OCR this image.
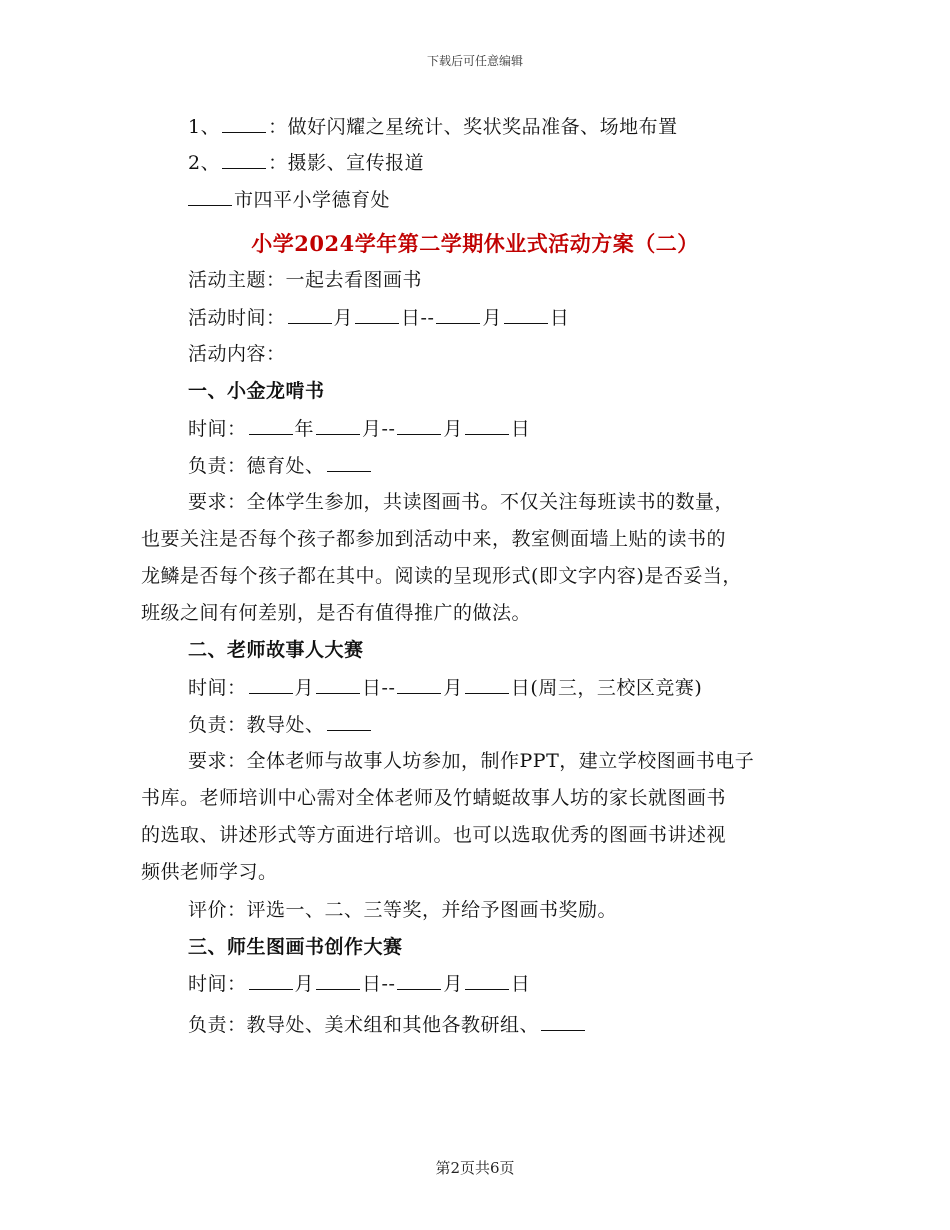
下载后可任意编辑
1、	：做好闪耀之星统计、奖状奖品准备、场地布置
2、	：摄影、宣传报道
市四平小学德育处
小学2024学年第二学期休业式活动方案（二）
活动主题：一起去看图画书
活动时间：	月	日--	月	日
活动内容：
一、小金龙啃书
时间：	年	月--	月	日
负责：德育处、
要求：全体学生参加，共读图画书。不仅关注每班读书的数量，
也要关注是否每个孩子都参加到活动中来，教室侧面墙上贴的读书的
龙鳞是否每个孩子都在其中。阅读的呈现形式(即文字内容)是否妥当，
班级之间有何差别，是否有值得推广的做法。
二、老师故事人大赛
时间：	月	日--	月	日(周三，三校区竞赛)
负责：教导处、
要求：全体老师与故事人坊参加，制作PPT，建立学校图画书电子
书库。老师培训中心需对全体老师及竹蜻蜓故事人坊的家长就图画书
的选取、讲述形式等方面进行培训。也可以选取优秀的图画书讲述视
频供老师学习。
评价：评选一、二、三等奖，并给予图画书奖励。
三、师生图画书创作大赛
时间：	月	日--	月	日
负责：教导处、美术组和其他各教研组、
第2页共6页
